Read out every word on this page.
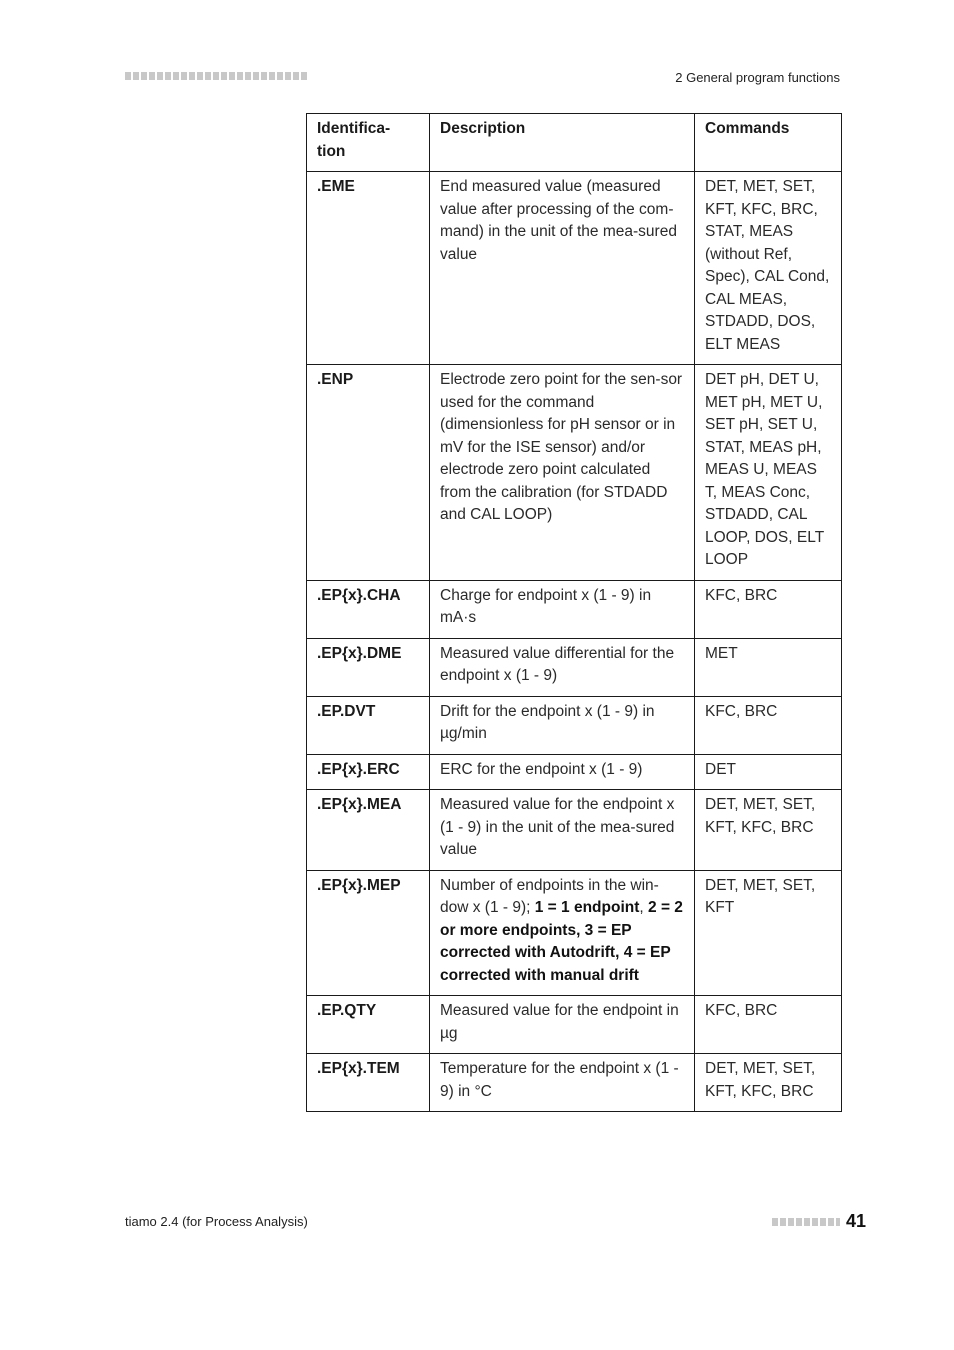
2 General program functions
Identifica-
tion	Description	Commands
.EME	End measured value (measured value after processing of the com-mand) in the unit of the mea-sured value	DET, MET, SET, KFT, KFC, BRC, STAT, MEAS (without Ref, Spec), CAL Cond, CAL MEAS, STDADD, DOS, ELT MEAS
.ENP	Electrode zero point for the sen-sor used for the command (dimensionless for pH sensor or in mV for the ISE sensor) and/or electrode zero point calculated from the calibration (for STDADD and CAL LOOP)	DET pH, DET U, MET pH, MET U, SET pH, SET U, STAT, MEAS pH, MEAS U, MEAS T, MEAS Conc, STDADD, CAL LOOP, DOS, ELT LOOP
.EP{x}.CHA	Charge for endpoint x (1 - 9) in mA·s	KFC, BRC
.EP{x}.DME	Measured value differential for the endpoint x (1 - 9)	MET
.EP.DVT	Drift for the endpoint x (1 - 9) in µg/min	KFC, BRC
.EP{x}.ERC	ERC for the endpoint x (1 - 9)	DET
.EP{x}.MEA	Measured value for the endpoint x (1 - 9) in the unit of the mea-sured value	DET, MET, SET, KFT, KFC, BRC
.EP{x}.MEP	Number of endpoints in the win-dow x (1 - 9); 1 = 1 endpoint, 2 = 2 or more endpoints, 3 = EP corrected with Autodrift, 4 = EP corrected with manual drift	DET, MET, SET, KFT
.EP.QTY	Measured value for the endpoint in µg	KFC, BRC
.EP{x}.TEM	Temperature for the endpoint x (1 - 9) in °C	DET, MET, SET, KFT, KFC, BRC
tiamo 2.4 (for Process Analysis)	41
